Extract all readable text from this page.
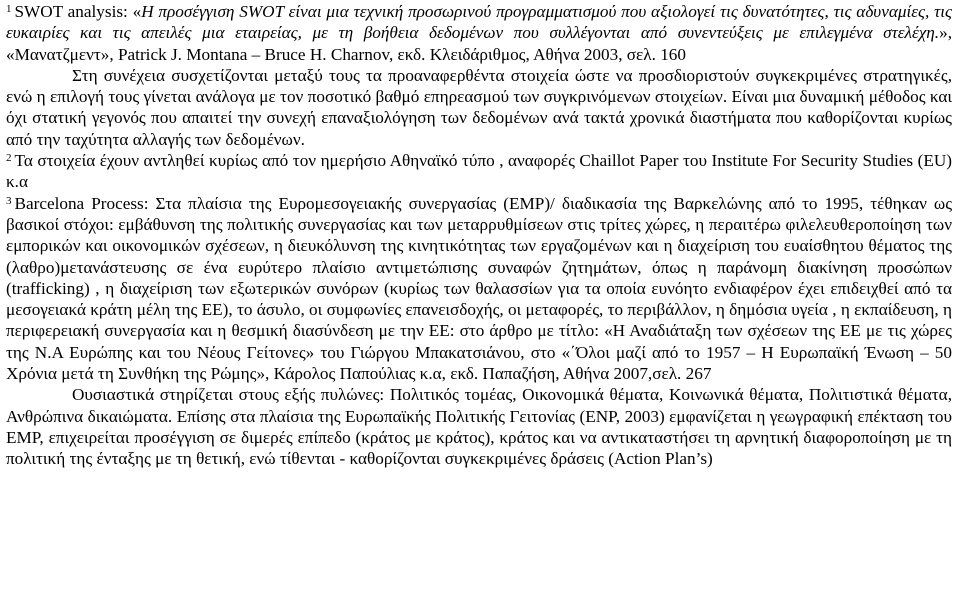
$^1$ SWOT analysis: «Η προσέγγιση SWOT είναι μια τεχνική προσωρινού προγραμματισμού που αξιολογεί τις δυνατότητες, τις αδυναμίες, τις ευκαιρίες και τις απειλές μια εταιρείας, με τη βοήθεια δεδομένων που συλλέγονται από συνεντεύξεις με επιλεγμένα στελέχη.», «Μανατζμεντ», Patrick J. Montana – Bruce H. Charnov, εκδ. Κλειδάριθμος, Αθήνα 2003, σελ. 160

Στη συνέχεια συσχετίζονται μεταξύ τους τα προαναφερθέντα στοιχεία ώστε να προσδιοριστούν συγκεκριμένες στρατηγικές, ενώ η επιλογή τους γίνεται ανάλογα με τον ποσοτικό βαθμό επηρεασμού των συγκρινόμενων στοιχείων. Είναι μια δυναμική μέθοδος και όχι στατική γεγονός που απαιτεί την συνεχή επαναξιολόγηση των δεδομένων ανά τακτά χρονικά διαστήματα που καθορίζονται κυρίως από την ταχύτητα αλλαγής των δεδομένων.

$^2$ Τα στοιχεία έχουν αντληθεί κυρίως από τον ημερήσιο Αθηναϊκό τύπο , αναφορές Chaillot Paper του Institute For Security Studies (EU) κ.α

$^3$ Barcelona Process: Στα πλαίσια της Ευρομεσογειακής συνεργασίας (EMP)/ διαδικασία της Βαρκελώνης από το 1995, τέθηκαν ως βασικοί στόχοι: εμβάθυνση της πολιτικής συνεργασίας και των μεταρρυθμίσεων στις τρίτες χώρες, η περαιτέρω φιλελευθεροποίηση των εμπορικών και οικονομικών σχέσεων, η διευκόλυνση της κινητικότητας των εργαζομένων και η διαχείριση του ευαίσθητου θέματος της (λαθρο)μετανάστευσης σε ένα ευρύτερο πλαίσιο αντιμετώπισης συναφών ζητημάτων, όπως η παράνομη διακίνηση προσώπων (trafficking) , η διαχείριση των εξωτερικών συνόρων (κυρίως των θαλασσίων για τα οποία ευνόητο ενδιαφέρον έχει επιδειχθεί από τα μεσογειακά κράτη μέλη της ΕΕ), το άσυλο, οι συμφωνίες επανεισδοχής, οι μεταφορές, το περιβάλλον, η δημόσια υγεία , η εκπαίδευση, η περιφερειακή συνεργασία και η θεσμική διασύνδεση με την ΕΕ: στο άρθρο με τίτλο: «Η Αναδιάταξη των σχέσεων της ΕΕ με τις χώρες της Ν.Α Ευρώπης και του Νέους Γείτονες» του Γιώργου Μπακατσιάνου, στο «΄Όλοι μαζί από το 1957 – Η Ευρωπαϊκή Ένωση – 50 Χρόνια μετά τη Συνθήκη της Ρώμης», Κάρολος Παπούλιας κ.α, εκδ. Παπαζήση, Αθήνα 2007,σελ. 267

Ουσιαστικά στηρίζεται στους εξής πυλώνες: Πολιτικός τομέας, Οικονομικά θέματα, Κοινωνικά θέματα, Πολιτιστικά θέματα, Ανθρώπινα δικαιώματα. Επίσης στα πλαίσια της Ευρωπαϊκής Πολιτικής Γειτονίας (ENP, 2003) εμφανίζεται η γεωγραφική επέκταση του EMP, επιχειρείται προσέγγιση σε διμερές επίπεδο (κράτος με κράτος), κράτος και να αντικαταστήσει τη αρνητική διαφοροποίηση με τη πολιτική της ένταξης με τη θετική, ενώ τίθενται - καθορίζονται συγκεκριμένες δράσεις (Action Plan’s)
